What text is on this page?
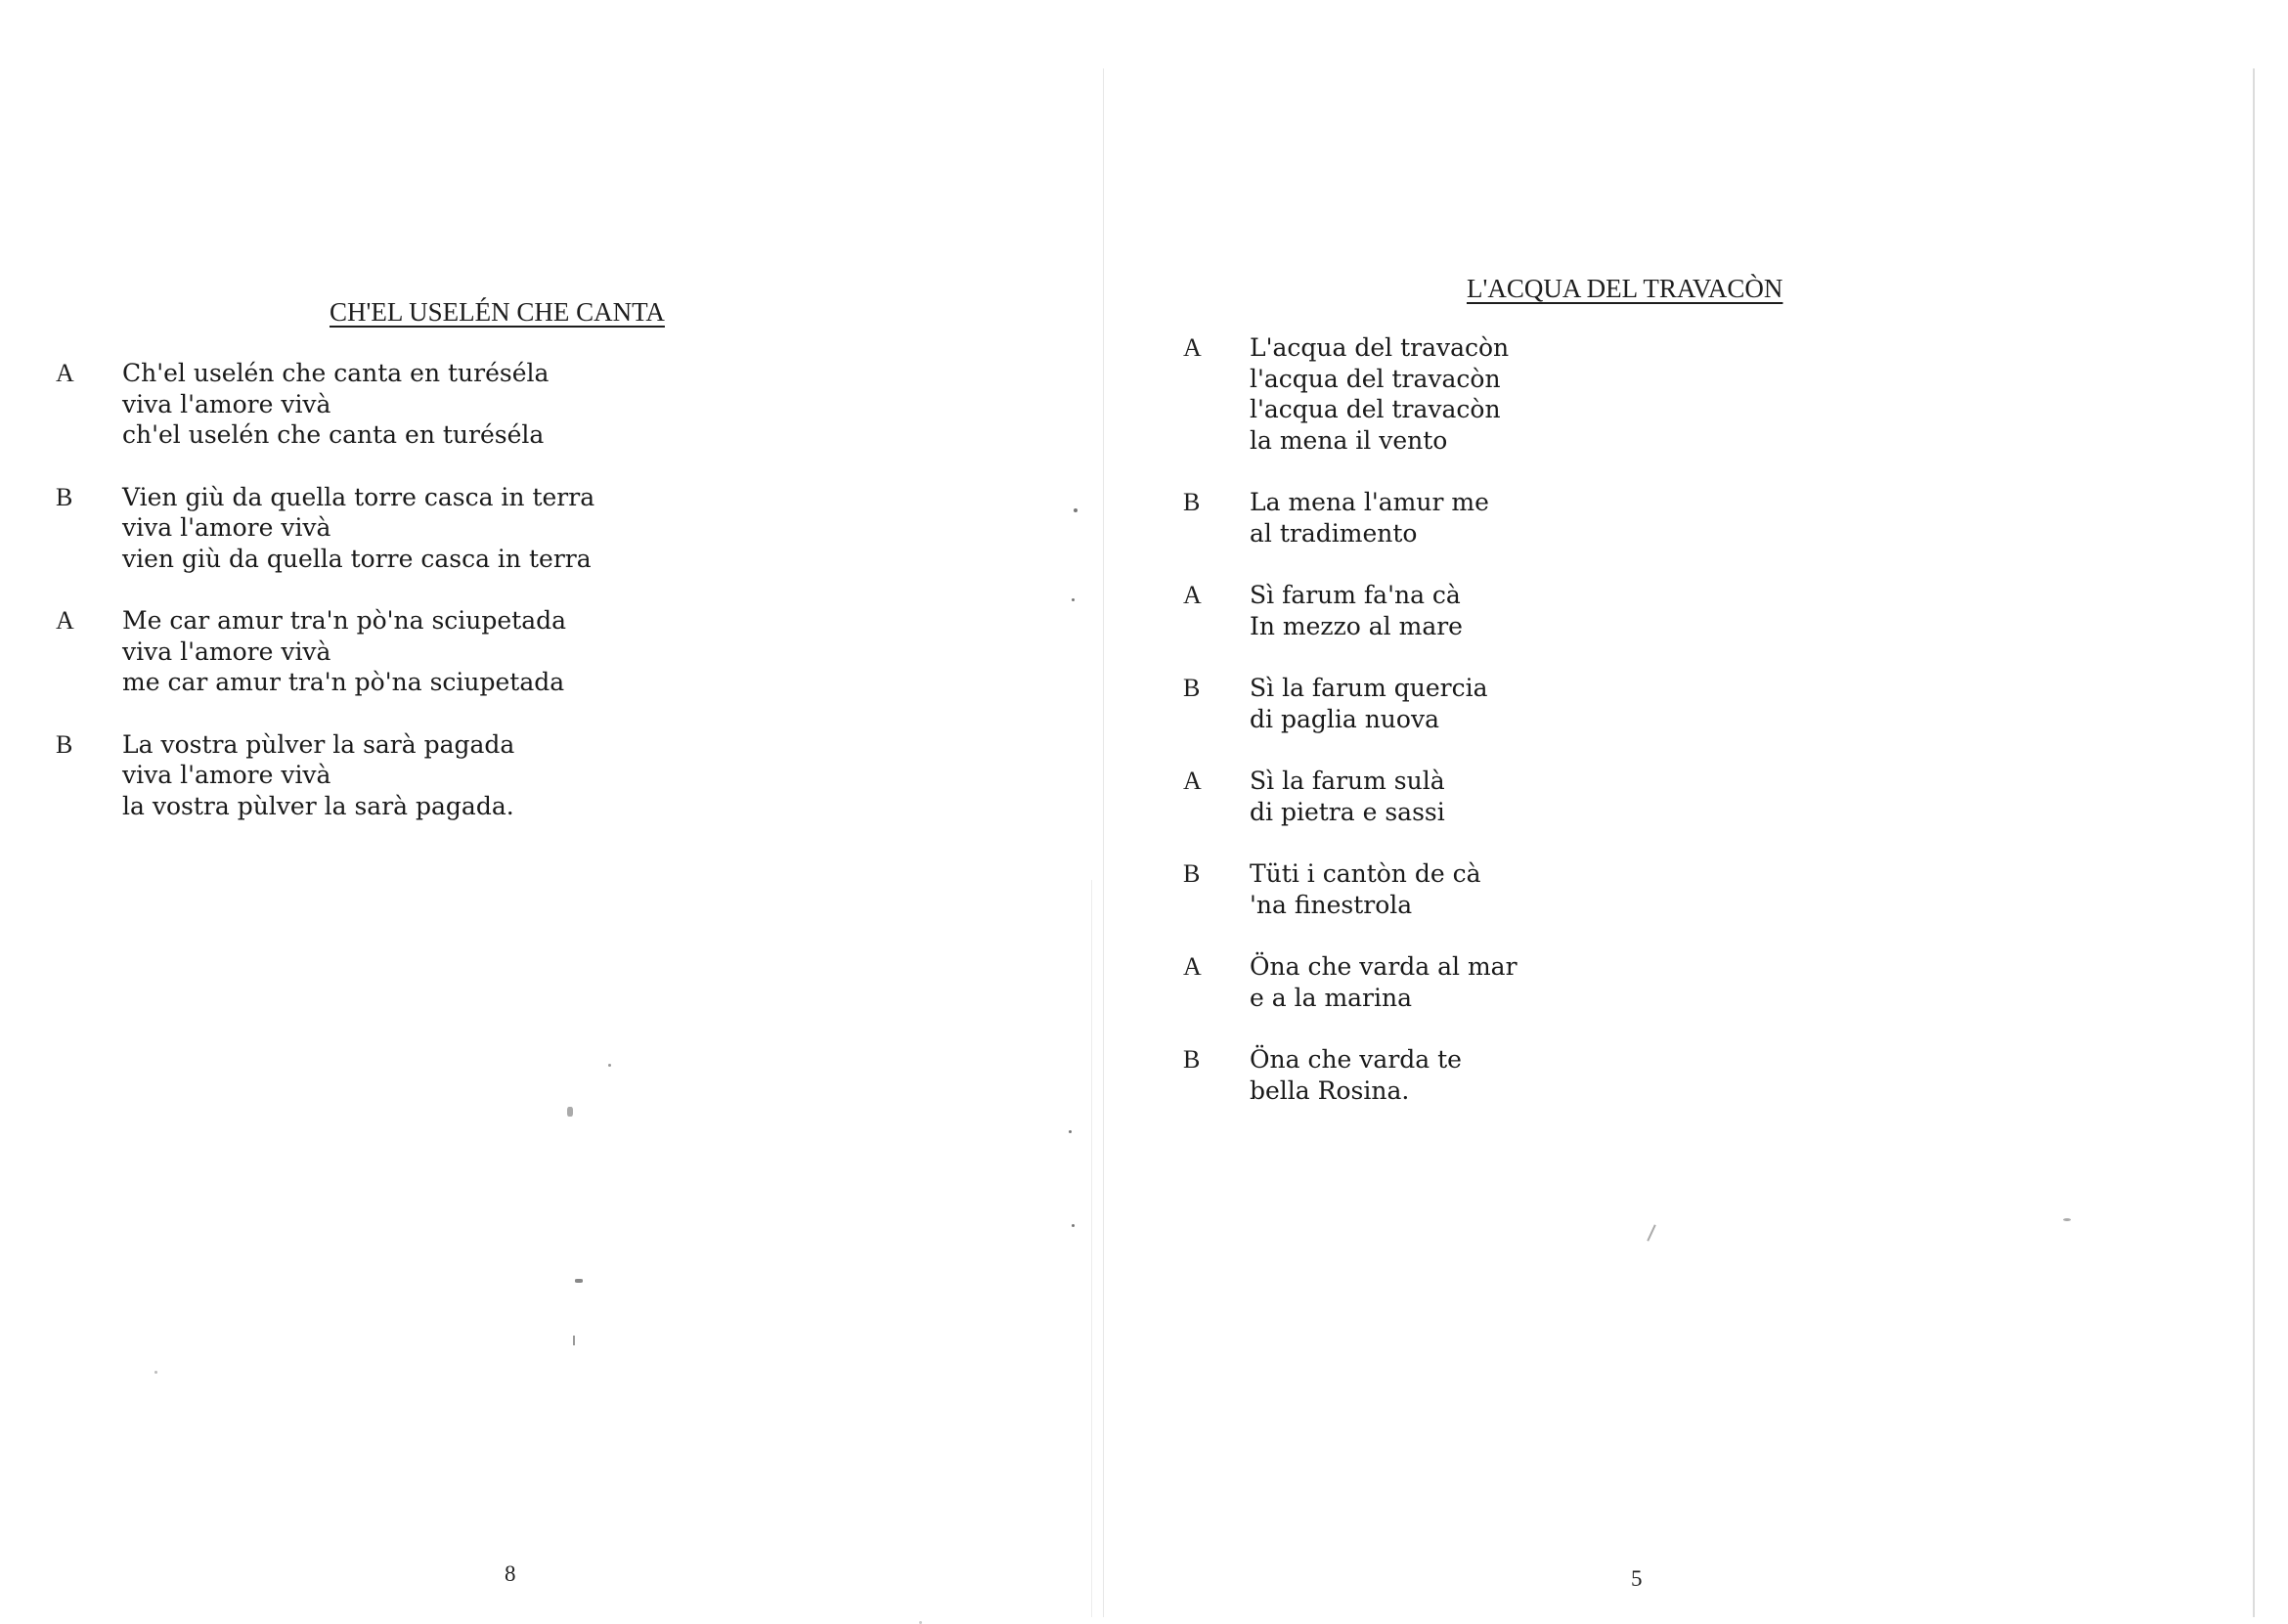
CH'EL USELÉN CHE CANTA
A	Ch'el uselén che canta en turéséla
viva l'amore vivà
ch'el uselén che canta en turéséla
B	Vien giù da quella torre casca in terra
viva l'amore vivà
vien giù da quella torre casca in terra
A	Me car amur tra'n pò'na sciupetada
viva l'amore vivà
me car amur tra'n pò'na sciupetada
B	La vostra pùlver la sarà pagada
viva l'amore vivà
la vostra pùlver la sarà pagada.
8
L'ACQUA DEL TRAVACÒN
A	L'acqua del travacòn
l'acqua del travacòn
l'acqua del travacòn
la mena il vento
B	La mena l'amur me
al tradimento
A	Sì farum fa'na cà
In mezzo al mare
B	Sì la farum quercia
di paglia nuova
A	Sì la farum sulà
di pietra e sassi
B	Tüti i cantòn de cà
'na finestrola
A	Öna che varda al mar
e a la marina
B	Öna che varda te
bella Rosina.
5
